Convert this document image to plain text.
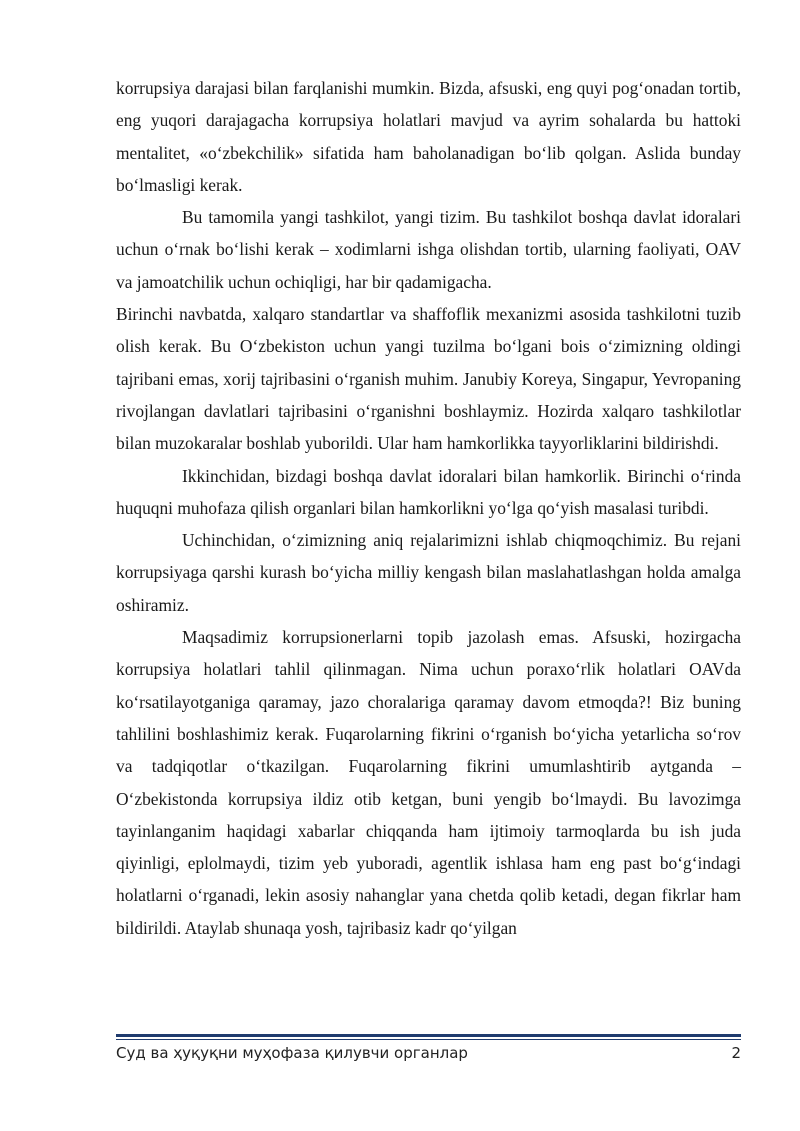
korrupsiya darajasi bilan farqlanishi mumkin. Bizda, afsuski, eng quyi pogʻonadan tortib, eng yuqori darajagacha korrupsiya holatlari mavjud va ayrim sohalarda bu hattoki mentalitet, «oʻzbekchilik» sifatida ham baholanadigan boʻlib qolgan. Aslida bunday boʻlmasligi kerak.

Bu tamomila yangi tashkilot, yangi tizim. Bu tashkilot boshqa davlat idoralari uchun oʻrnak boʻlishi kerak – xodimlarni ishga olishdan tortib, ularning faoliyati, OAV va jamoatchilik uchun ochiqligi, har bir qadamigacha.

Birinchi navbatda, xalqaro standartlar va shaffoflik mexanizmi asosida tashkilotni tuzib olish kerak. Bu Oʻzbekiston uchun yangi tuzilma boʻlgani bois oʻzimizning oldingi tajribani emas, xorij tajribasini oʻrganish muhim. Janubiy Koreya, Singapur, Yevropaning rivojlangan davlatlari tajribasini oʻrganishni boshlaymiz. Hozirda xalqaro tashkilotlar bilan muzokaralar boshlab yuborildi. Ular ham hamkorlikka tayyorliklarini bildirishdi.

Ikkinchidan, bizdagi boshqa davlat idoralari bilan hamkorlik. Birinchi oʻrinda huquqni muhofaza qilish organlari bilan hamkorlikni yoʻlga qoʻyish masalasi turibdi.

Uchinchidan, oʻzimizning aniq rejalarimizni ishlab chiqmoqchimiz. Bu rejani korrupsiyaga qarshi kurash boʻyicha milliy kengash bilan maslahatlashgan holda amalga oshiramiz.

Maqsadimiz korrupsionerlarni topib jazolash emas. Afsuski, hozirgacha korrupsiya holatlari tahlil qilinmagan. Nima uchun poraxoʻrlik holatlari OAVda koʻrsatilayotganiga qaramay, jazo choralariga qaramay davom etmoqda?! Biz buning tahlilini boshlashimiz kerak. Fuqarolarning fikrini oʻrganish boʻyicha yetarlicha soʻrov va tadqiqotlar oʻtkazilgan. Fuqarolarning fikrini umumlashtirib aytganda – Oʻzbekistonda korrupsiya ildiz otib ketgan, buni yengib boʻlmaydi. Bu lavozimga tayinlanganim haqidagi xabarlar chiqqanda ham ijtimoiy tarmoqlarda bu ish juda qiyinligi, eplolmaydi, tizim yeb yuboradi, agentlik ishlasa ham eng past boʻgʻindagi holatlarni oʻrganadi, lekin asosiy nahanglar yana chetda qolib ketadi, degan fikrlar ham bildirildi. Ataylab shunaqa yosh, tajribasiz kadr qoʻyilgan

Суд ва ҳуқуқни муҳофаза қилувчи органлар	2
